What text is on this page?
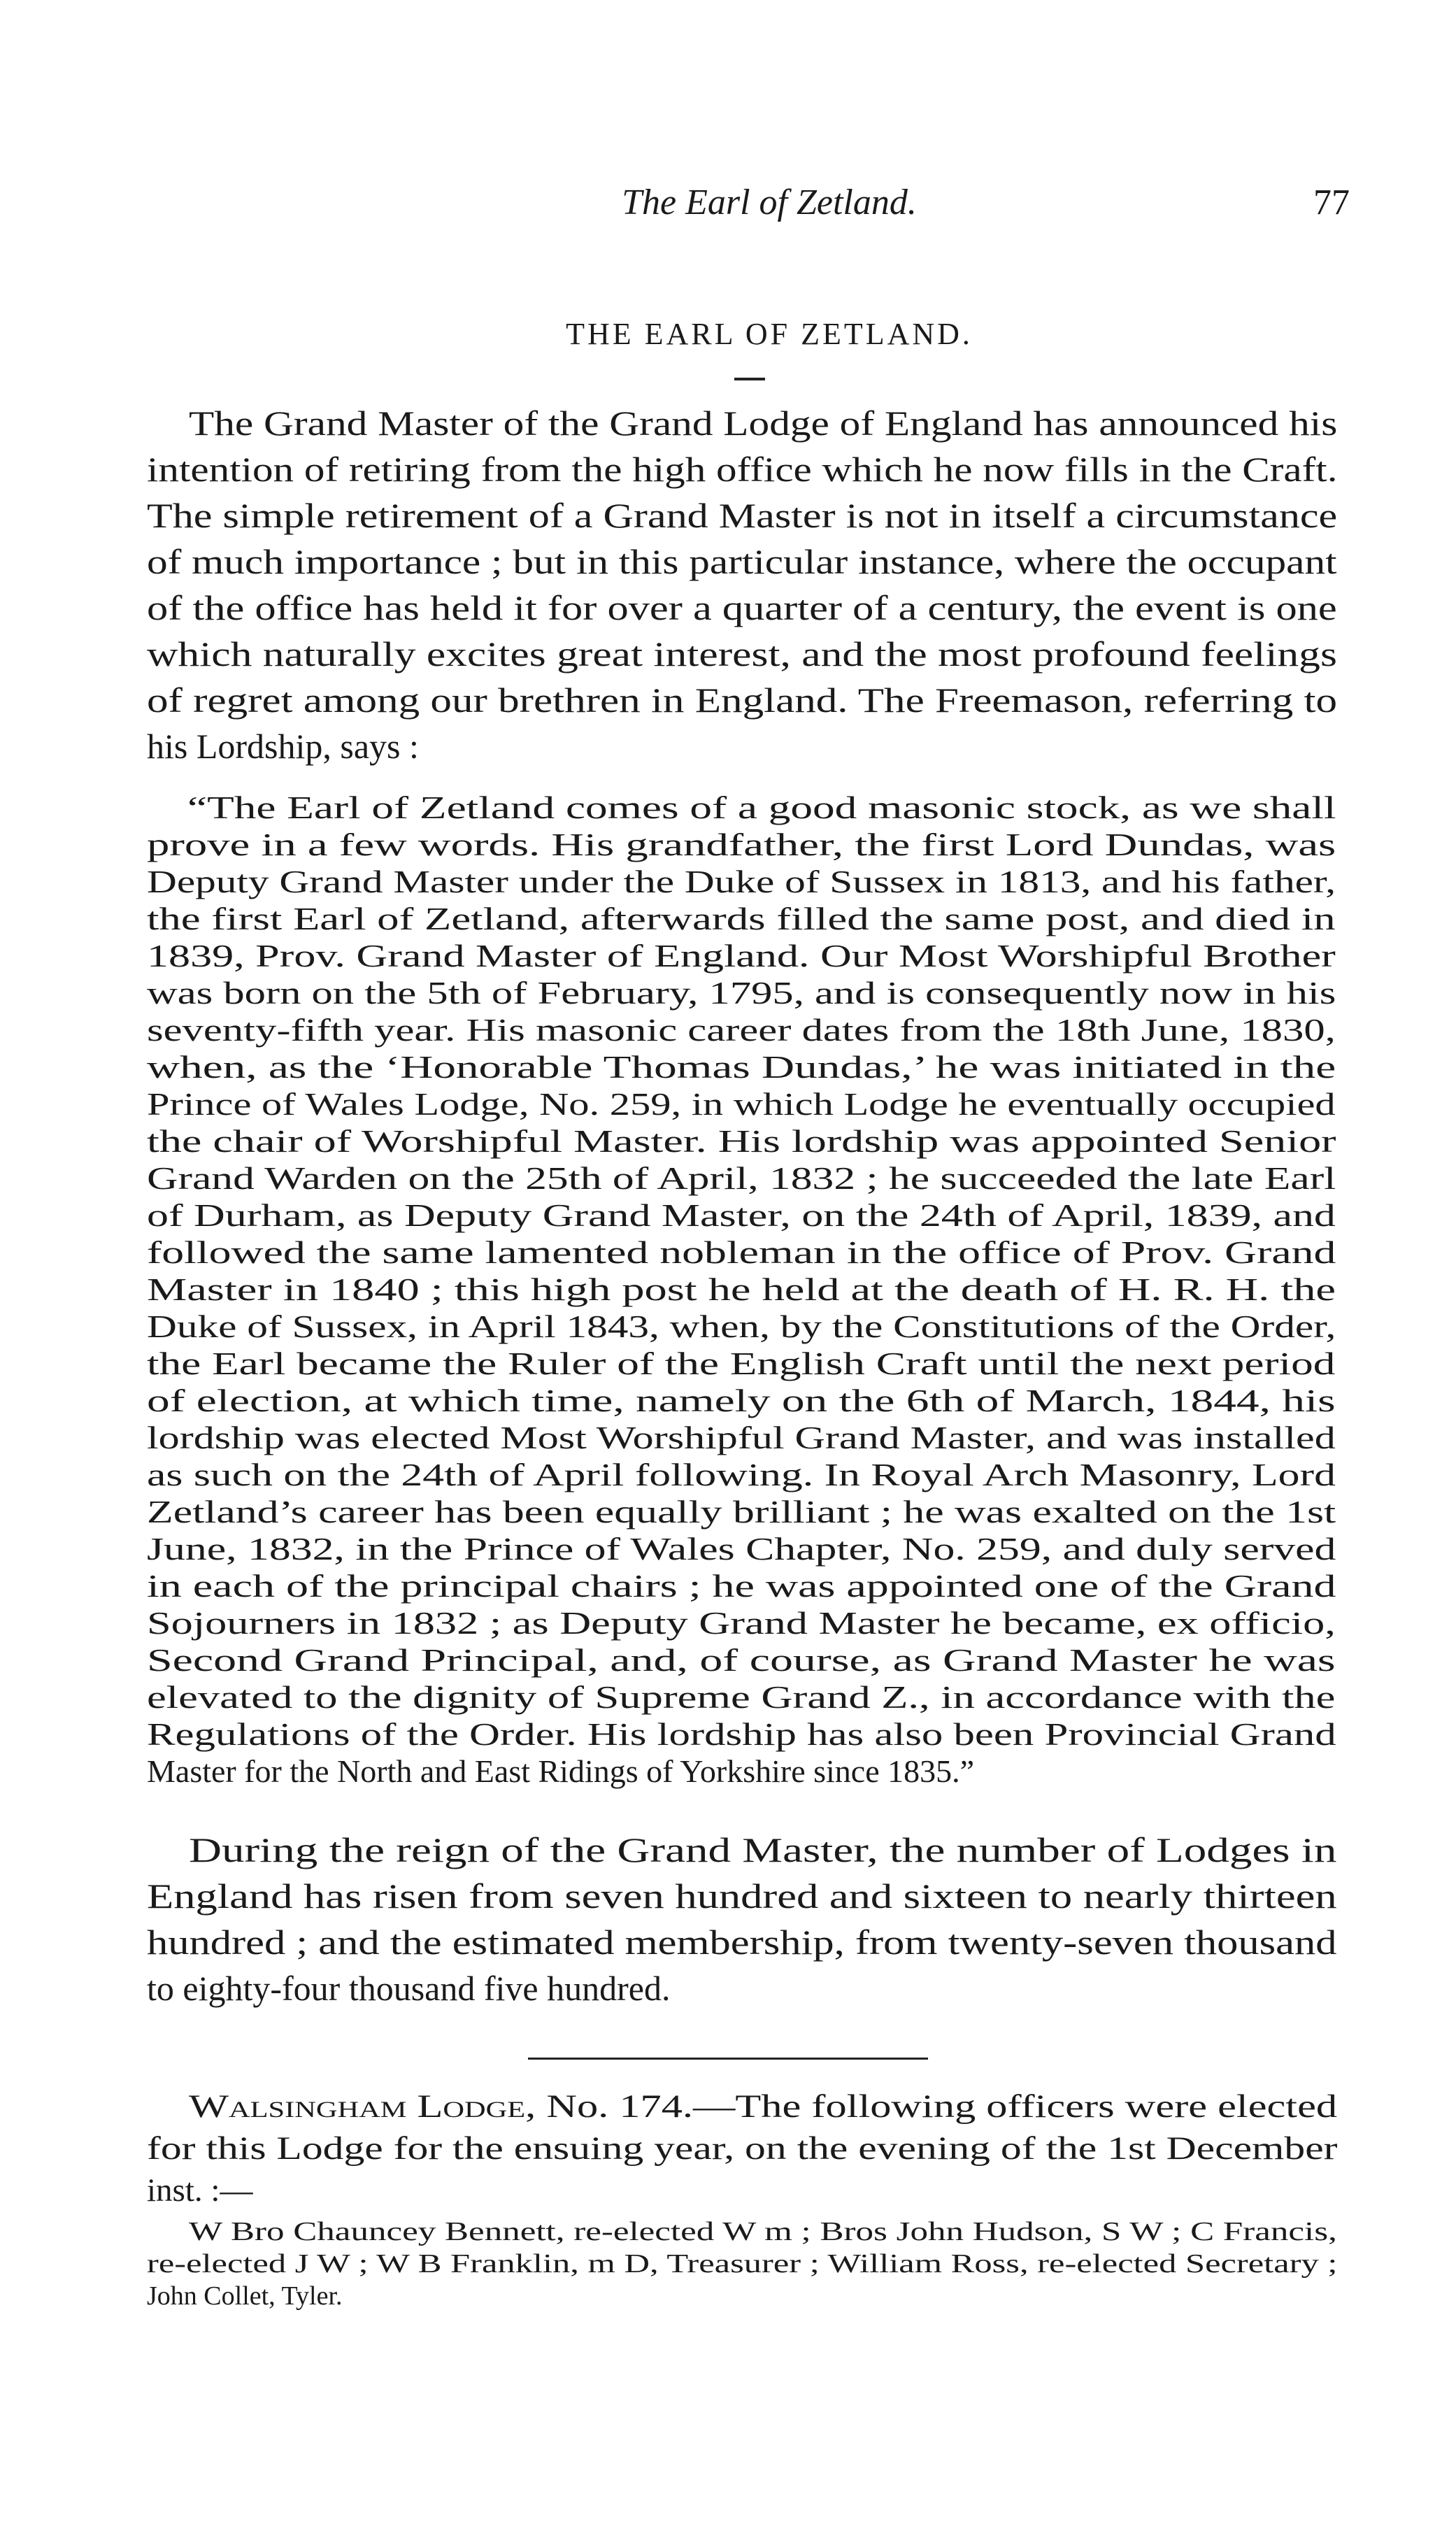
The Earl of Zetland.	77
THE EARL OF ZETLAND.
The Grand Master of the Grand Lodge of England has announced his
intention of retiring from the high office which he now fills in the Craft.
The simple retirement of a Grand Master is not in itself a circumstance
of much importance ; but in this particular instance, where the occupant
of the office has held it for over a quarter of a century, the event is one
which naturally excites great interest, and the most profound feelings
of regret among our brethren in England. The Freemason, referring to
his Lordship, says :
“The Earl of Zetland comes of a good masonic stock, as we shall
prove in a few words. His grandfather, the first Lord Dundas, was
Deputy Grand Master under the Duke of Sussex in 1813, and his father,
the first Earl of Zetland, afterwards filled the same post, and died in
1839, Prov. Grand Master of England. Our Most Worshipful Brother
was born on the 5th of February, 1795, and is consequently now in his
seventy-fifth year. His masonic career dates from the 18th June, 1830,
when, as the ‘Honorable Thomas Dundas,’ he was initiated in the
Prince of Wales Lodge, No. 259, in which Lodge he eventually occupied
the chair of Worshipful Master. His lordship was appointed Senior
Grand Warden on the 25th of April, 1832 ; he succeeded the late Earl
of Durham, as Deputy Grand Master, on the 24th of April, 1839, and
followed the same lamented nobleman in the office of Prov. Grand
Master in 1840 ; this high post he held at the death of H. R. H. the
Duke of Sussex, in April 1843, when, by the Constitutions of the Order,
the Earl became the Ruler of the English Craft until the next period
of election, at which time, namely on the 6th of March, 1844, his
lordship was elected Most Worshipful Grand Master, and was installed
as such on the 24th of April following. In Royal Arch Masonry, Lord
Zetland’s career has been equally brilliant ; he was exalted on the 1st
June, 1832, in the Prince of Wales Chapter, No. 259, and duly served
in each of the principal chairs ; he was appointed one of the Grand
Sojourners in 1832 ; as Deputy Grand Master he became, ex officio,
Second Grand Principal, and, of course, as Grand Master he was
elevated to the dignity of Supreme Grand Z., in accordance with the
Regulations of the Order. His lordship has also been Provincial Grand
Master for the North and East Ridings of Yorkshire since 1835.”
During the reign of the Grand Master, the number of Lodges in
England has risen from seven hundred and sixteen to nearly thirteen
hundred ; and the estimated membership, from twenty-seven thousand
to eighty-four thousand five hundred.
Walsingham Lodge, No. 174.—The following officers were elected
for this Lodge for the ensuing year, on the evening of the 1st December
inst. :—
W Bro Chauncey Bennett, re-elected W m ; Bros John Hudson, S W ; C Francis,
re-elected J W ; W B Franklin, m D, Treasurer ; William Ross, re-elected Secretary ;
John Collet, Tyler.
